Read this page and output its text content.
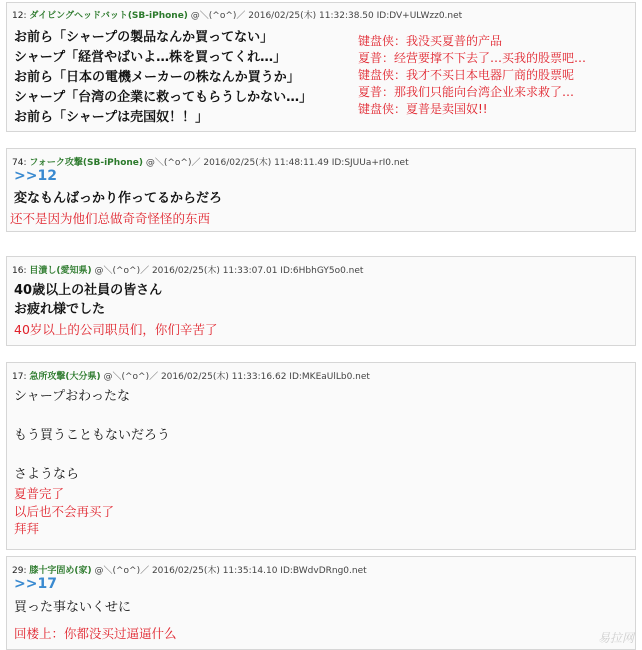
12: ダイビングヘッドバット(SB-iPhone) @＼(^o^)／ 2016/02/25(木) 11:32:38.50 ID:DV+ULWzz0.net
お前ら「シャープの製品なんか買ってない」
シャープ「経営やばいよ…株を買ってくれ…」
お前ら「日本の電機メーカーの株なんか買うか」
シャープ「台湾の企業に救ってもらうしかない…」
お前ら「シャープは売国奴！！」
键盘侠：我没买夏普的产品
夏普：经营要撑不下去了…买我的股票吧…
键盘侠：我才不买日本电器厂商的股票呢
夏普：那我们只能向台湾企业来求救了…
键盘侠：夏普是卖国奴!!
74: フォーク攻撃(SB-iPhone) @＼(^o^)／ 2016/02/25(木) 11:48:11.49 ID:SJUUa+rI0.net
>>12
変なもんばっかり作ってるからだろ
还不是因为他们总做奇奇怪怪的东西
16: 目潰し(愛知県) @＼(^o^)／ 2016/02/25(木) 11:33:07.01 ID:6HbhGY5o0.net
40歳以上の社員の皆さん
お疲れ様でした
40岁以上的公司职员们，你们辛苦了
17: 急所攻撃(大分県) @＼(^o^)／ 2016/02/25(木) 11:33:16.62 ID:MKEaUlLb0.net
シャープおわったな
もう買うこともないだろう
さようなら
夏普完了
以后也不会再买了
拜拜
29: 膝十字固め(家) @＼(^o^)／ 2016/02/25(木) 11:35:14.10 ID:BWdvDRng0.net
>>17
買った事ないくせに
回楼上：你都没买过逼逼什么	易拉网
